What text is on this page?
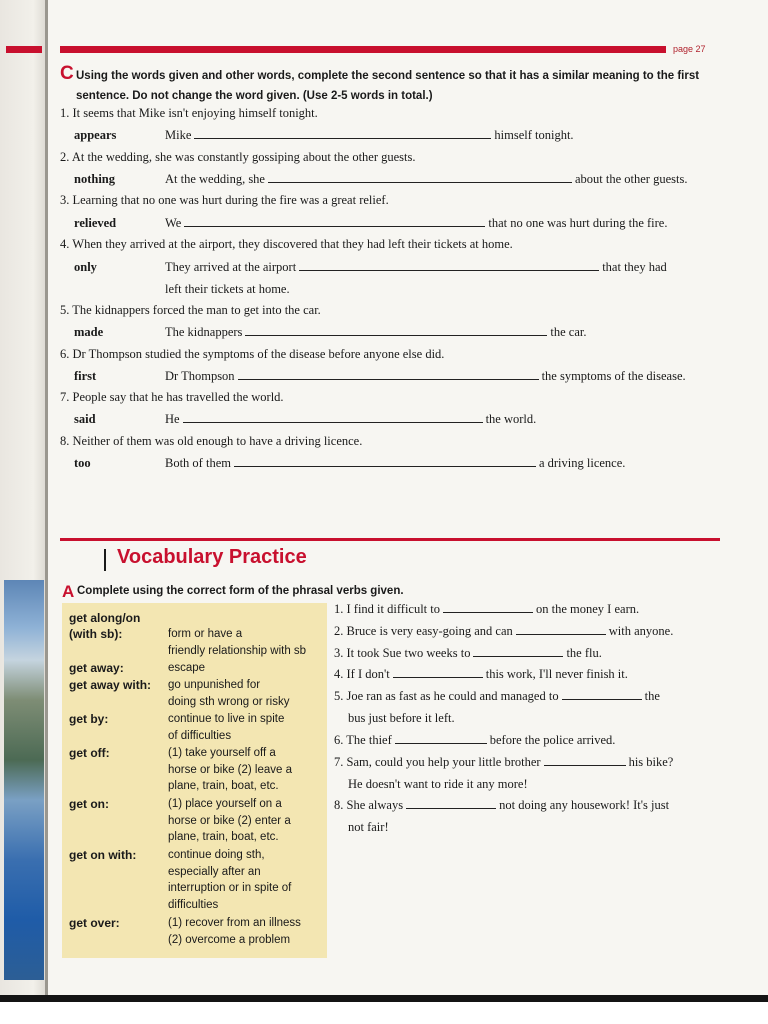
page 27
C Using the words given and other words, complete the second sentence so that it has a similar meaning to the first sentence. Do not change the word given. (Use 2-5 words in total.)
1. It seems that Mike isn't enjoying himself tonight.
appears	Mike	himself tonight.
2. At the wedding, she was constantly gossiping about the other guests.
nothing	At the wedding, she	about the other guests.
3. Learning that no one was hurt during the fire was a great relief.
relieved	We	that no one was hurt during the fire.
4. When they arrived at the airport, they discovered that they had left their tickets at home.
only	They arrived at the airport	that they had
left their tickets at home.
5. The kidnappers forced the man to get into the car.
made	The kidnappers	the car.
6. Dr Thompson studied the symptoms of the disease before anyone else did.
first	Dr Thompson	the symptoms of the disease.
7. People say that he has travelled the world.
said	He	the world.
8. Neither of them was old enough to have a driving licence.
too	Both of them	a driving licence.
Vocabulary Practice
A Complete using the correct form of the phrasal verbs given.
get along/on (with sb):	form or have a
friendly relationship with sb
get away:	escape
get away with: go unpunished for
doing sth wrong or risky
get by:	continue to live in spite
of difficulties
get off:	(1) take yourself off a
horse or bike (2) leave a
plane, train, boat, etc.
get on:	(1) place yourself on a
horse or bike (2) enter a
plane, train, boat, etc.
get on with:	continue doing sth,
especially after an
interruption or in spite of
difficulties
get over:	(1) recover from an illness
(2) overcome a problem
1. I find it difficult to	on the money I earn.
2. Bruce is very easy-going and can	with anyone.
3. It took Sue two weeks to	the flu.
4. If I don't	this work, I'll never finish it.
5. Joe ran as fast as he could and managed to	the
bus just before it left.
6. The thief	before the police arrived.
7. Sam, could you help your little brother	his bike?
He doesn't want to ride it any more!
8. She always	not doing any housework! It's just
not fair!
